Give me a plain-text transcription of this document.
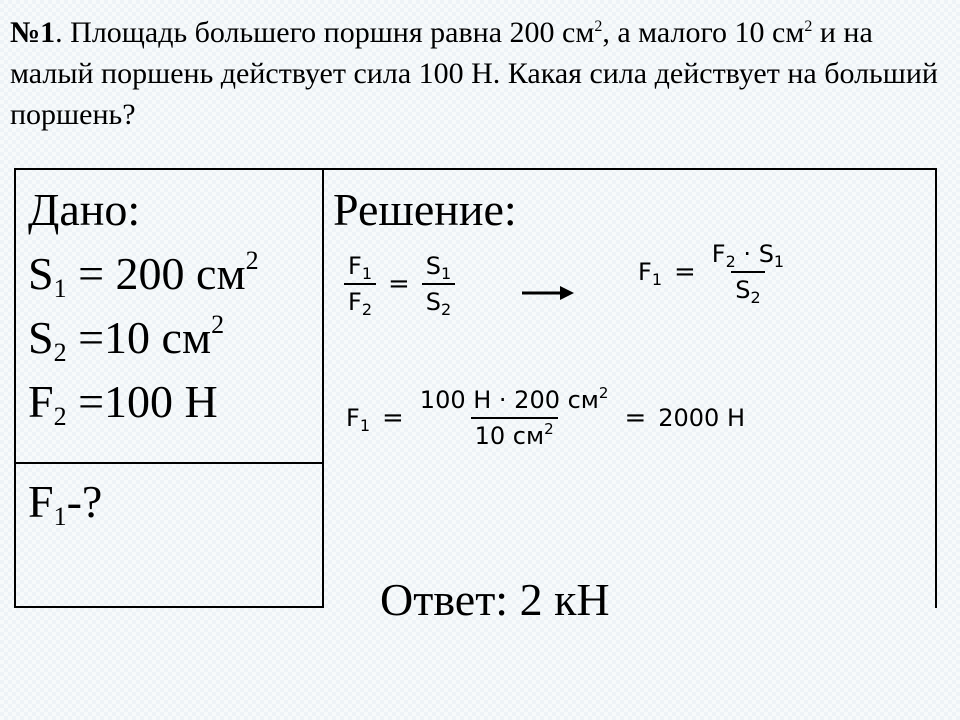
№1. Площадь большего поршня равна 200 $см^2$, а малого 10 $см^2$ и на малый поршень действует сила 100 Н. Какая сила действует на больший поршень?
Дано:
$S_1 = 200$ $см^2$
$S_2 =10$ $см^2$
$F_2 =100$ Н
$F_1-$?
Решение:
$\frac{F_1}{F_2} = \frac{S_1}{S_2}$	$F_1 = \frac{F_2 \cdot S_1}{S_2}$
$F_1 = \frac{100 Н \cdot 200 см^2}{10 см^2} = 2000$ Н
Ответ: 2 кН
